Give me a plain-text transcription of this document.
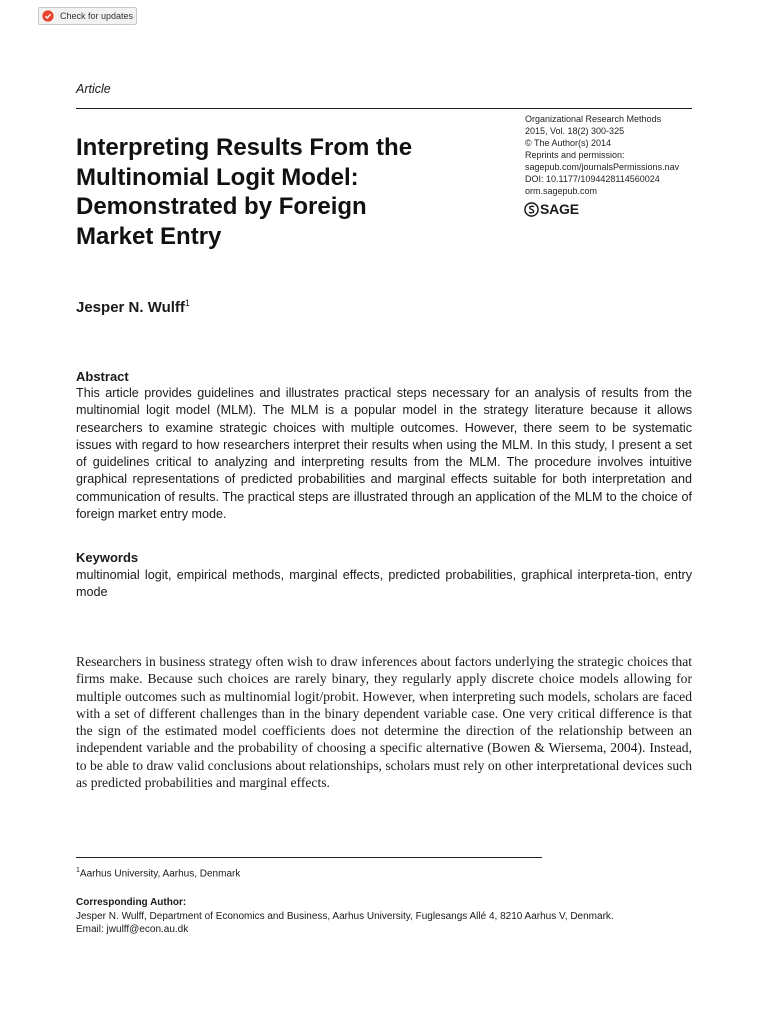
Check for updates
Article
Organizational Research Methods
2015, Vol. 18(2) 300-325
© The Author(s) 2014
Reprints and permission:
sagepub.com/journalsPermissions.nav
DOI: 10.1177/1094428114560024
orm.sagepub.com
SAGE
Interpreting Results From the
Multinomial Logit Model:
Demonstrated by Foreign
Market Entry
Jesper N. Wulff$^1$
Abstract
This article provides guidelines and illustrates practical steps necessary for an analysis of results from the multinomial logit model (MLM). The MLM is a popular model in the strategy literature because it allows researchers to examine strategic choices with multiple outcomes. However, there seem to be systematic issues with regard to how researchers interpret their results when using the MLM. In this study, I present a set of guidelines critical to analyzing and interpreting results from the MLM. The procedure involves intuitive graphical representations of predicted probabilities and marginal effects suitable for both interpretation and communication of results. The practical steps are illustrated through an application of the MLM to the choice of foreign market entry mode.
Keywords
multinomial logit, empirical methods, marginal effects, predicted probabilities, graphical interpreta-tion, entry mode
Researchers in business strategy often wish to draw inferences about factors underlying the strategic choices that firms make. Because such choices are rarely binary, they regularly apply discrete choice models allowing for multiple outcomes such as multinomial logit/probit. However, when interpreting such models, scholars are faced with a set of different challenges than in the binary dependent variable case. One very critical difference is that the sign of the estimated model coefficients does not determine the direction of the relationship between an independent variable and the probability of choosing a specific alternative (Bowen & Wiersema, 2004). Instead, to be able to draw valid conclusions about relationships, scholars must rely on other interpretational devices such as predicted probabilities and marginal effects.
$^1$Aarhus University, Aarhus, Denmark
Corresponding Author:
Jesper N. Wulff, Department of Economics and Business, Aarhus University, Fuglesangs Allé 4, 8210 Aarhus V, Denmark.
Email: jwulff@econ.au.dk
